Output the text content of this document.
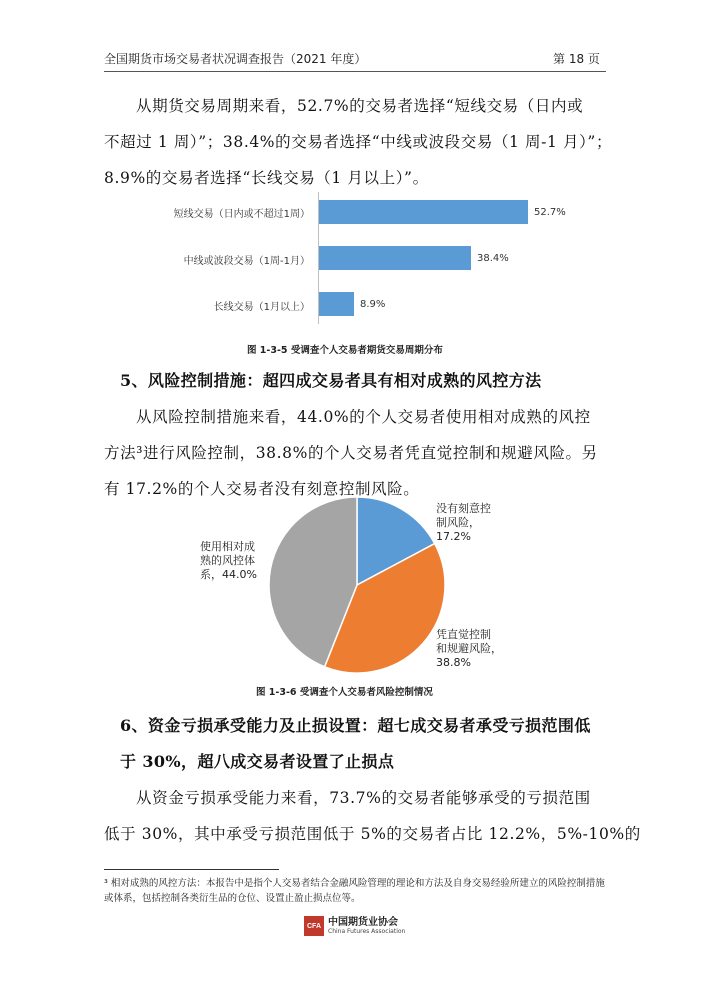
全国期货市场交易者状况调查报告（2021 年度）	第 18 页
从期货交易周期来看，52.7%的交易者选择“短线交易（日内或
不超过 1 周）”；38.4%的交易者选择“中线或波段交易（1 周-1 月）”；
8.9%的交易者选择“长线交易（1 月以上）”。
短线交易（日内或不超过1周）	52.7%
中线或波段交易（1周-1月）	38.4%
长线交易（1月以上）	8.9%
图 1-3-5 受调查个人交易者期货交易周期分布
5、风险控制措施：超四成交易者具有相对成熟的风控方法
从风险控制措施来看，44.0%的个人交易者使用相对成熟的风控
方法³进行风险控制，38.8%的个人交易者凭直觉控制和规避风险。另
有 17.2%的个人交易者没有刻意控制风险。
没有刻意控
制风险，
17.2%
凭直觉控制
和规避风险，
38.8%
使用相对成
熟的风控体
系，44.0%
图 1-3-6 受调查个人交易者风险控制情况
6、资金亏损承受能力及止损设置：超七成交易者承受亏损范围低
于 30%，超八成交易者设置了止损点
从资金亏损承受能力来看，73.7%的交易者能够承受的亏损范围
低于 30%，其中承受亏损范围低于 5%的交易者占比 12.2%，5%-10%的
³ 相对成熟的风控方法：本报告中是指个人交易者结合金融风险管理的理论和方法及自身交易经验所建立的风险控制措施或体系，包括控制各类衍生品的仓位、设置止盈止损点位等。
CFA 中国期货业协会
China Futures Association
